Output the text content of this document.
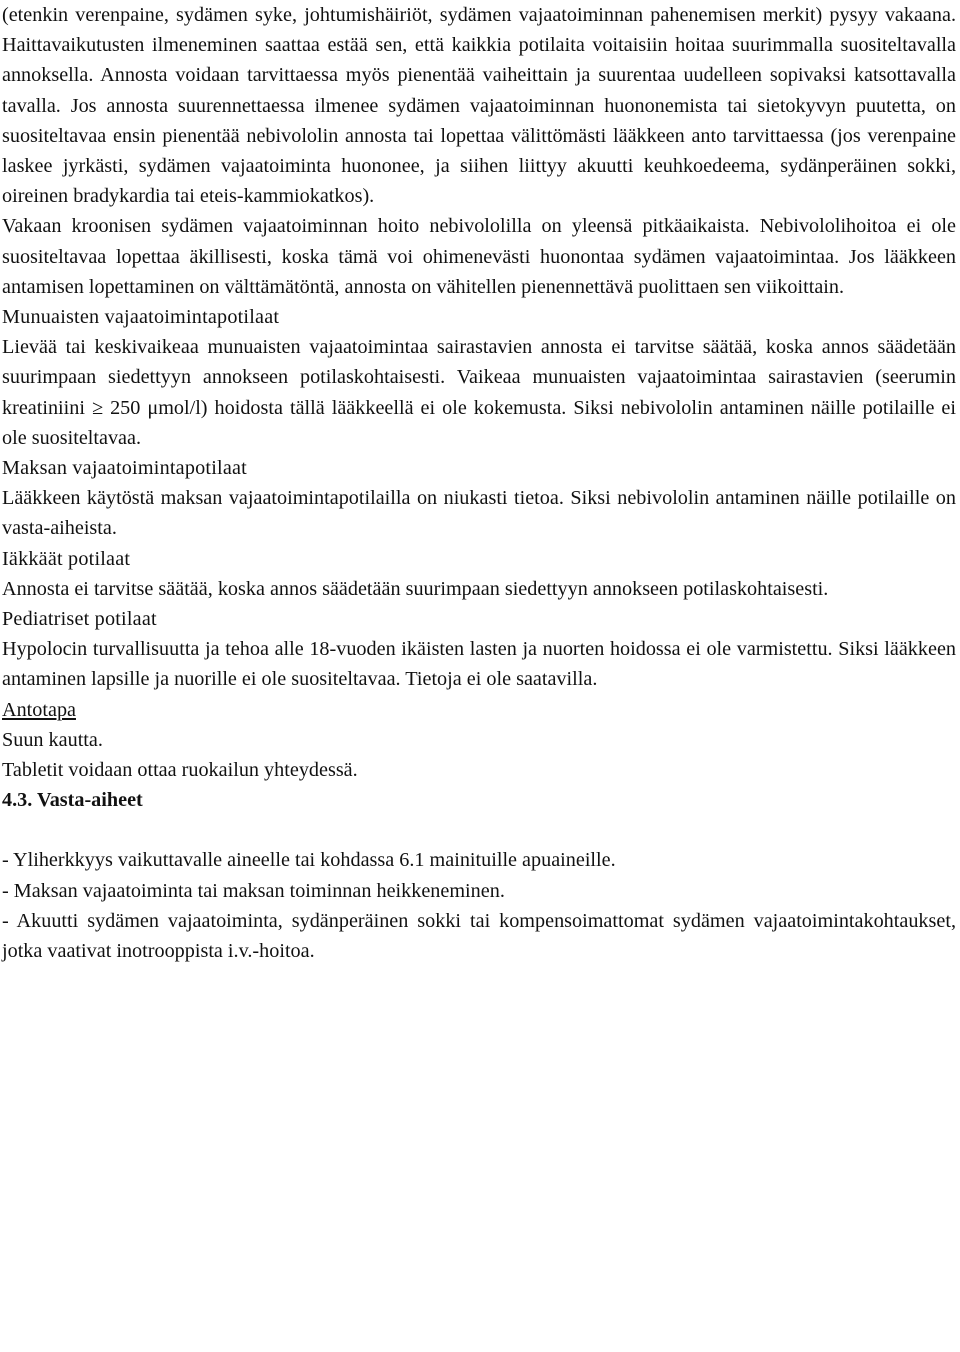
(etenkin verenpaine, sydämen syke, johtumishäiriöt, sydämen vajaatoiminnan pahenemisen merkit) pysyy vakaana. Haittavaikutusten ilmeneminen saattaa estää sen, että kaikkia potilaita voitaisiin hoitaa suurimmalla suositeltavalla annoksella. Annosta voidaan tarvittaessa myös pienentää vaiheittain ja suurentaa uudelleen sopivaksi katsottavalla tavalla. Jos annosta suurennettaessa ilmenee sydämen vajaatoiminnan huononemista tai sietokyvyn puutetta, on suositeltavaa ensin pienentää nebivololin annosta tai lopettaa välittömästi lääkkeen anto tarvittaessa (jos verenpaine laskee jyrkästi, sydämen vajaatoiminta huononee, ja siihen liittyy akuutti keuhkoedeema, sydänperäinen sokki, oireinen bradykardia tai eteis-kammiokatkos).

Vakaan kroonisen sydämen vajaatoiminnan hoito nebivololilla on yleensä pitkäaikaista. Nebivololihoitoa ei ole suositeltavaa lopettaa äkillisesti, koska tämä voi ohimenevästi huonontaa sydämen vajaatoimintaa. Jos lääkkeen antamisen lopettaminen on välttämätöntä, annosta on vähitellen pienennettävä puolittaen sen viikoittain.

Munuaisten vajaatoimintapotilaat

Lievää tai keskivaikeaa munuaisten vajaatoimintaa sairastavien annosta ei tarvitse säätää, koska annos säädetään suurimpaan siedettyyn annokseen potilaskohtaisesti. Vaikeaa munuaisten vajaatoimintaa sairastavien (seerumin kreatiniini ≥ 250 μmol/l) hoidosta tällä lääkkeellä ei ole kokemusta. Siksi nebivololin antaminen näille potilaille ei ole suositeltavaa.

Maksan vajaatoimintapotilaat

Lääkkeen käytöstä maksan vajaatoimintapotilailla on niukasti tietoa. Siksi nebivololin antaminen näille potilaille on vasta-aiheista.

Iäkkäät potilaat

Annosta ei tarvitse säätää, koska annos säädetään suurimpaan siedettyyn annokseen potilaskohtaisesti.

Pediatriset potilaat

Hypolocin turvallisuutta ja tehoa alle 18-vuoden ikäisten lasten ja nuorten hoidossa ei ole varmistettu. Siksi lääkkeen antaminen lapsille ja nuorille ei ole suositeltavaa. Tietoja ei ole saatavilla.

Antotapa

Suun kautta.

Tabletit voidaan ottaa ruokailun yhteydessä.

4.3. Vasta-aiheet

- Yliherkkyys vaikuttavalle aineelle tai kohdassa 6.1 mainituille apuaineille.

- Maksan vajaatoiminta tai maksan toiminnan heikkeneminen.

- Akuutti sydämen vajaatoiminta, sydänperäinen sokki tai kompensoimattomat sydämen vajaatoimintakohtaukset, jotka vaativat inotrooppista i.v.-hoitoa.
